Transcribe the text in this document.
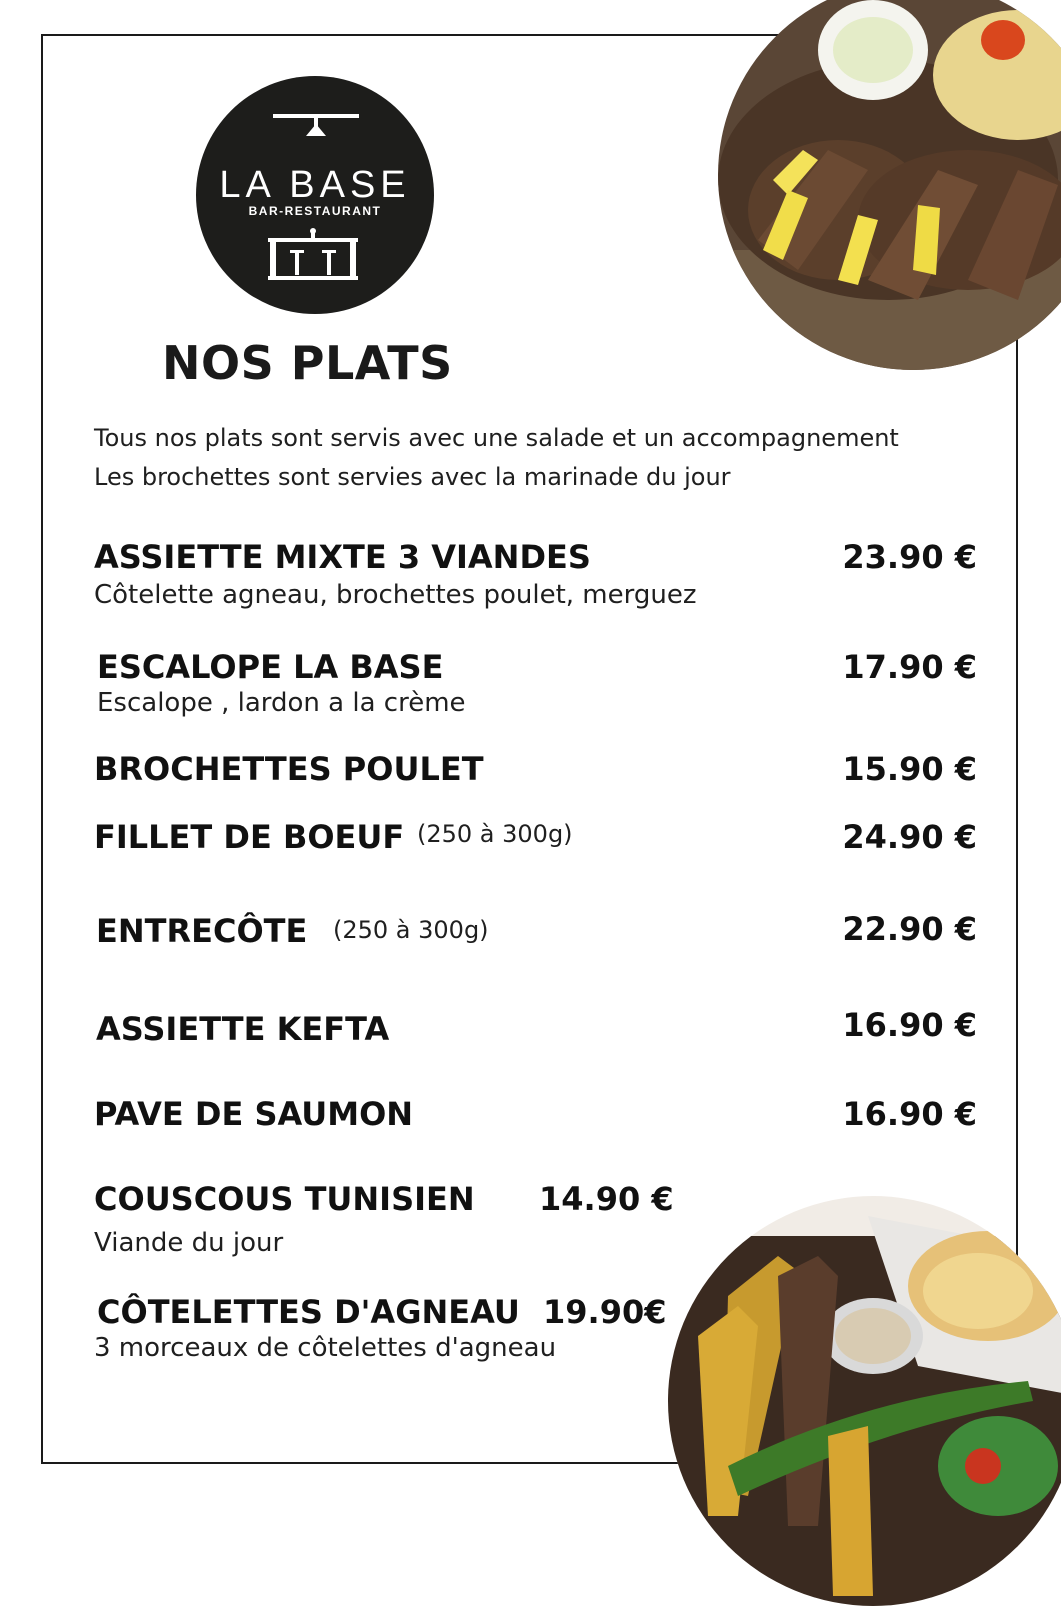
LA BASE
BAR-RESTAURANT
NOS PLATS
Tous nos plats sont servis avec une salade et un accompagnement
Les brochettes sont servies avec la marinade du jour
ASSIETTE MIXTE 3 VIANDES	23.90 €
Côtelette agneau, brochettes poulet, merguez
ESCALOPE LA BASE	17.90 €
Escalope , lardon a la crème
BROCHETTES POULET	15.90 €
FILLET DE BOEUF (250 à 300g)	24.90 €
ENTRECÔTE (250 à 300g)	22.90 €
ASSIETTE KEFTA	16.90 €
PAVE DE SAUMON	16.90 €
COUSCOUS TUNISIEN 14.90 €
Viande du jour
CÔTELETTES D'AGNEAU 19.90€
3 morceaux de côtelettes d'agneau
